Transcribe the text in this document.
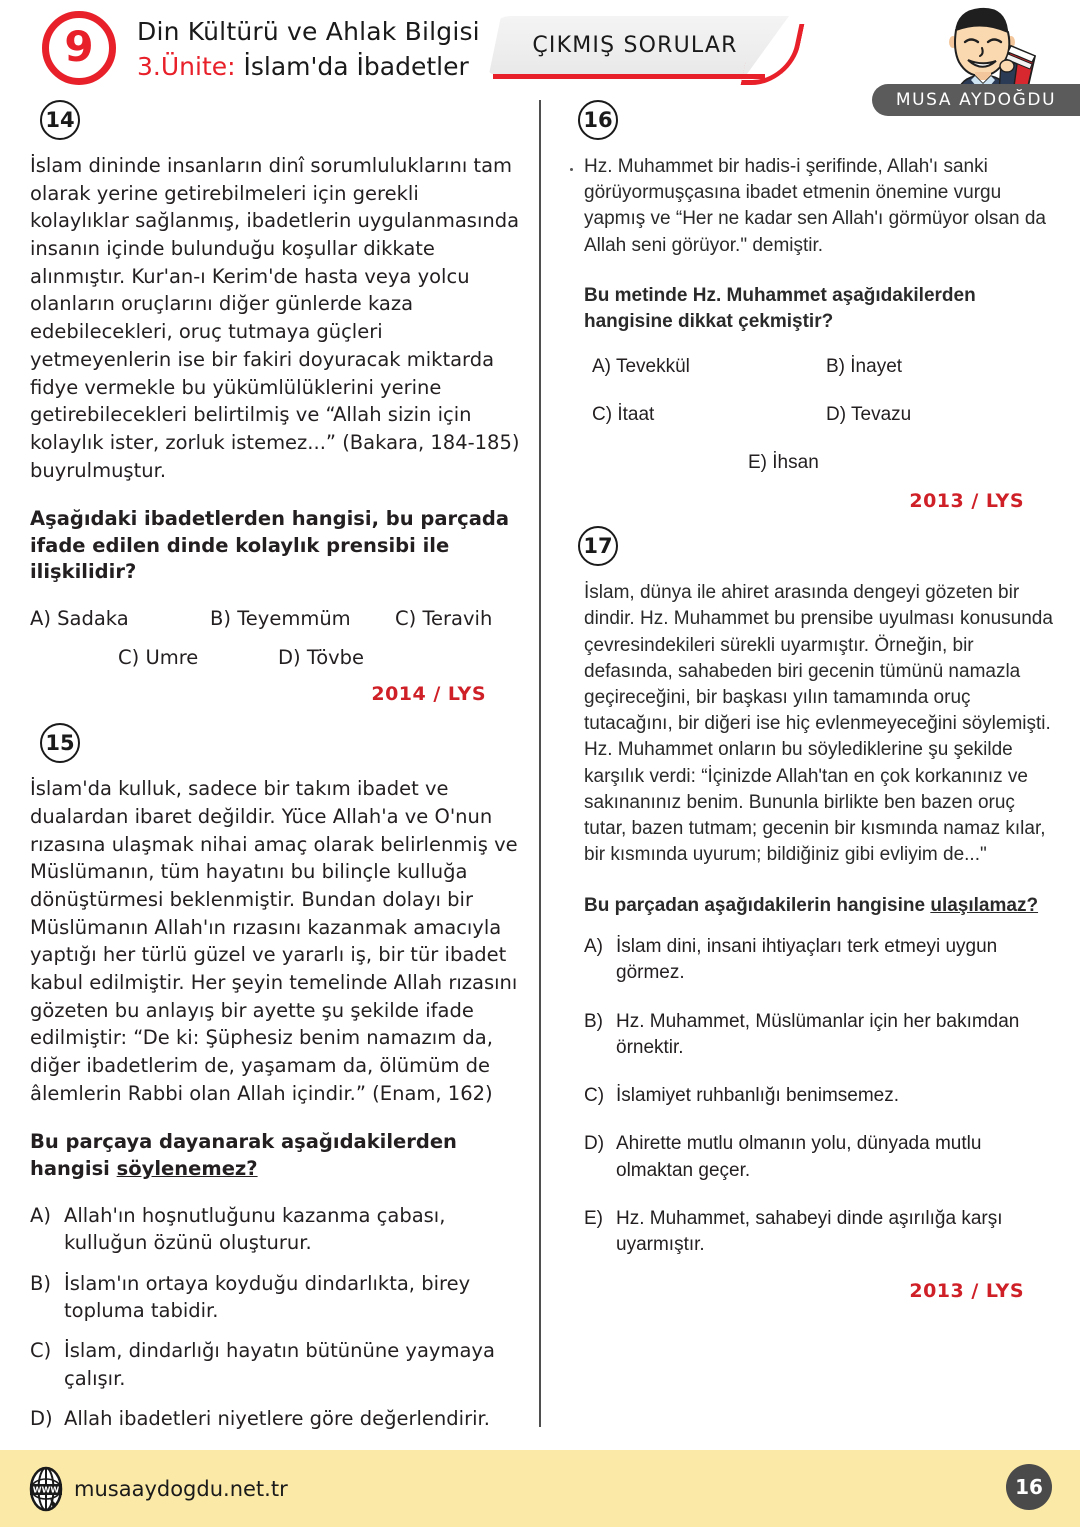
9 Din Kültürü ve Ahlak Bilgisi
3.Ünite: İslam'da İbadetler
ÇIKMIŞ SORULAR
MUSA AYDOĞDU
14
İslam dininde insanların dinî sorumluluklarını tam olarak yerine getirebilmeleri için gerekli kolaylıklar sağlanmış, ibadetlerin uygulanmasında insanın içinde bulunduğu koşullar dikkate alınmıştır. Kur'an-ı Kerim'de hasta veya yolcu olanların oruçlarını diğer günlerde kaza edebilecekleri, oruç tutmaya güçleri yetmeyenlerin ise bir fakiri doyuracak miktarda fidye vermekle bu yükümlülüklerini yerine getirebilecekleri belirtilmiş ve “Allah sizin için kolaylık ister, zorluk istemez...” (Bakara, 184-185) buyrulmuştur.
Aşağıdaki ibadetlerden hangisi, bu parçada ifade edilen dinde kolaylık prensibi ile ilişkilidir?
A) Sadaka	B) Teyemmüm	C) Teravih
C) Umre	D) Tövbe
2014 / LYS
15
İslam'da kulluk, sadece bir takım ibadet ve dualardan ibaret değildir. Yüce Allah'a ve O'nun rızasına ulaşmak nihai amaç olarak belirlenmiş ve Müslümanın, tüm hayatını bu bilinçle kulluğa dönüştürmesi beklenmiştir. Bundan dolayı bir Müslümanın Allah'ın rızasını kazanmak amacıyla yaptığı her türlü güzel ve yararlı iş, bir tür ibadet kabul edilmiştir. Her şeyin temelinde Allah rızasını gözeten bu anlayış bir ayette şu şekilde ifade edilmiştir: “De ki: Şüphesiz benim namazım da, diğer ibadetlerim de, yaşamam da, ölümüm de âlemlerin Rabbi olan Allah içindir.” (Enam, 162)
Bu parçaya dayanarak aşağıdakilerden hangisi söylenemez?
A) Allah'ın hoşnutluğunu kazanma çabası, kulluğun özünü oluşturur.
B) İslam'ın ortaya koyduğu dindarlıkta, birey topluma tabidir.
C) İslam, dindarlığı hayatın bütününe yaymaya çalışır.
D) Allah ibadetleri niyetlere göre değerlendirir.
16
Hz. Muhammet bir hadis-i şerifinde, Allah'ı sanki görüyormuşçasına ibadet etmenin önemine vurgu yapmış ve “Her ne kadar sen Allah'ı görmüyor olsan da Allah seni görüyor." demiştir.
Bu metinde Hz. Muhammet aşağıdakilerden hangisine dikkat çekmiştir?
A) Tevekkül	B) İnayet
C) İtaat	D) Tevazu
E) İhsan
2013 / LYS
17
İslam, dünya ile ahiret arasında dengeyi gözeten bir dindir. Hz. Muhammet bu prensibe uyulması konusunda çevresindekileri sürekli uyarmıştır. Örneğin, bir defasında, sahabeden biri gecenin tümünü namazla geçireceğini, bir başkası yılın tamamında oruç tutacağını, bir diğeri ise hiç evlenmeyeceğini söylemişti. Hz. Muhammet onların bu söylediklerine şu şekilde karşılık verdi: “İçinizde Allah'tan en çok korkanınız ve sakınanınız benim. Bununla birlikte ben bazen oruç tutar, bazen tutmam; gecenin bir kısmında namaz kılar, bir kısmında uyurum; bildiğiniz gibi evliyim de..."
Bu parçadan aşağıdakilerin hangisine ulaşılamaz?
A) İslam dini, insani ihtiyaçları terk etmeyi uygun görmez.
B) Hz. Muhammet, Müslümanlar için her bakımdan örnektir.
C) İslamiyet ruhbanlığı benimsemez.
D) Ahirette mutlu olmanın yolu, dünyada mutlu olmaktan geçer.
E) Hz. Muhammet, sahabeyi dinde aşırılığa karşı uyarmıştır.
2013 / LYS
WWW musaaydogdu.net.tr	16
